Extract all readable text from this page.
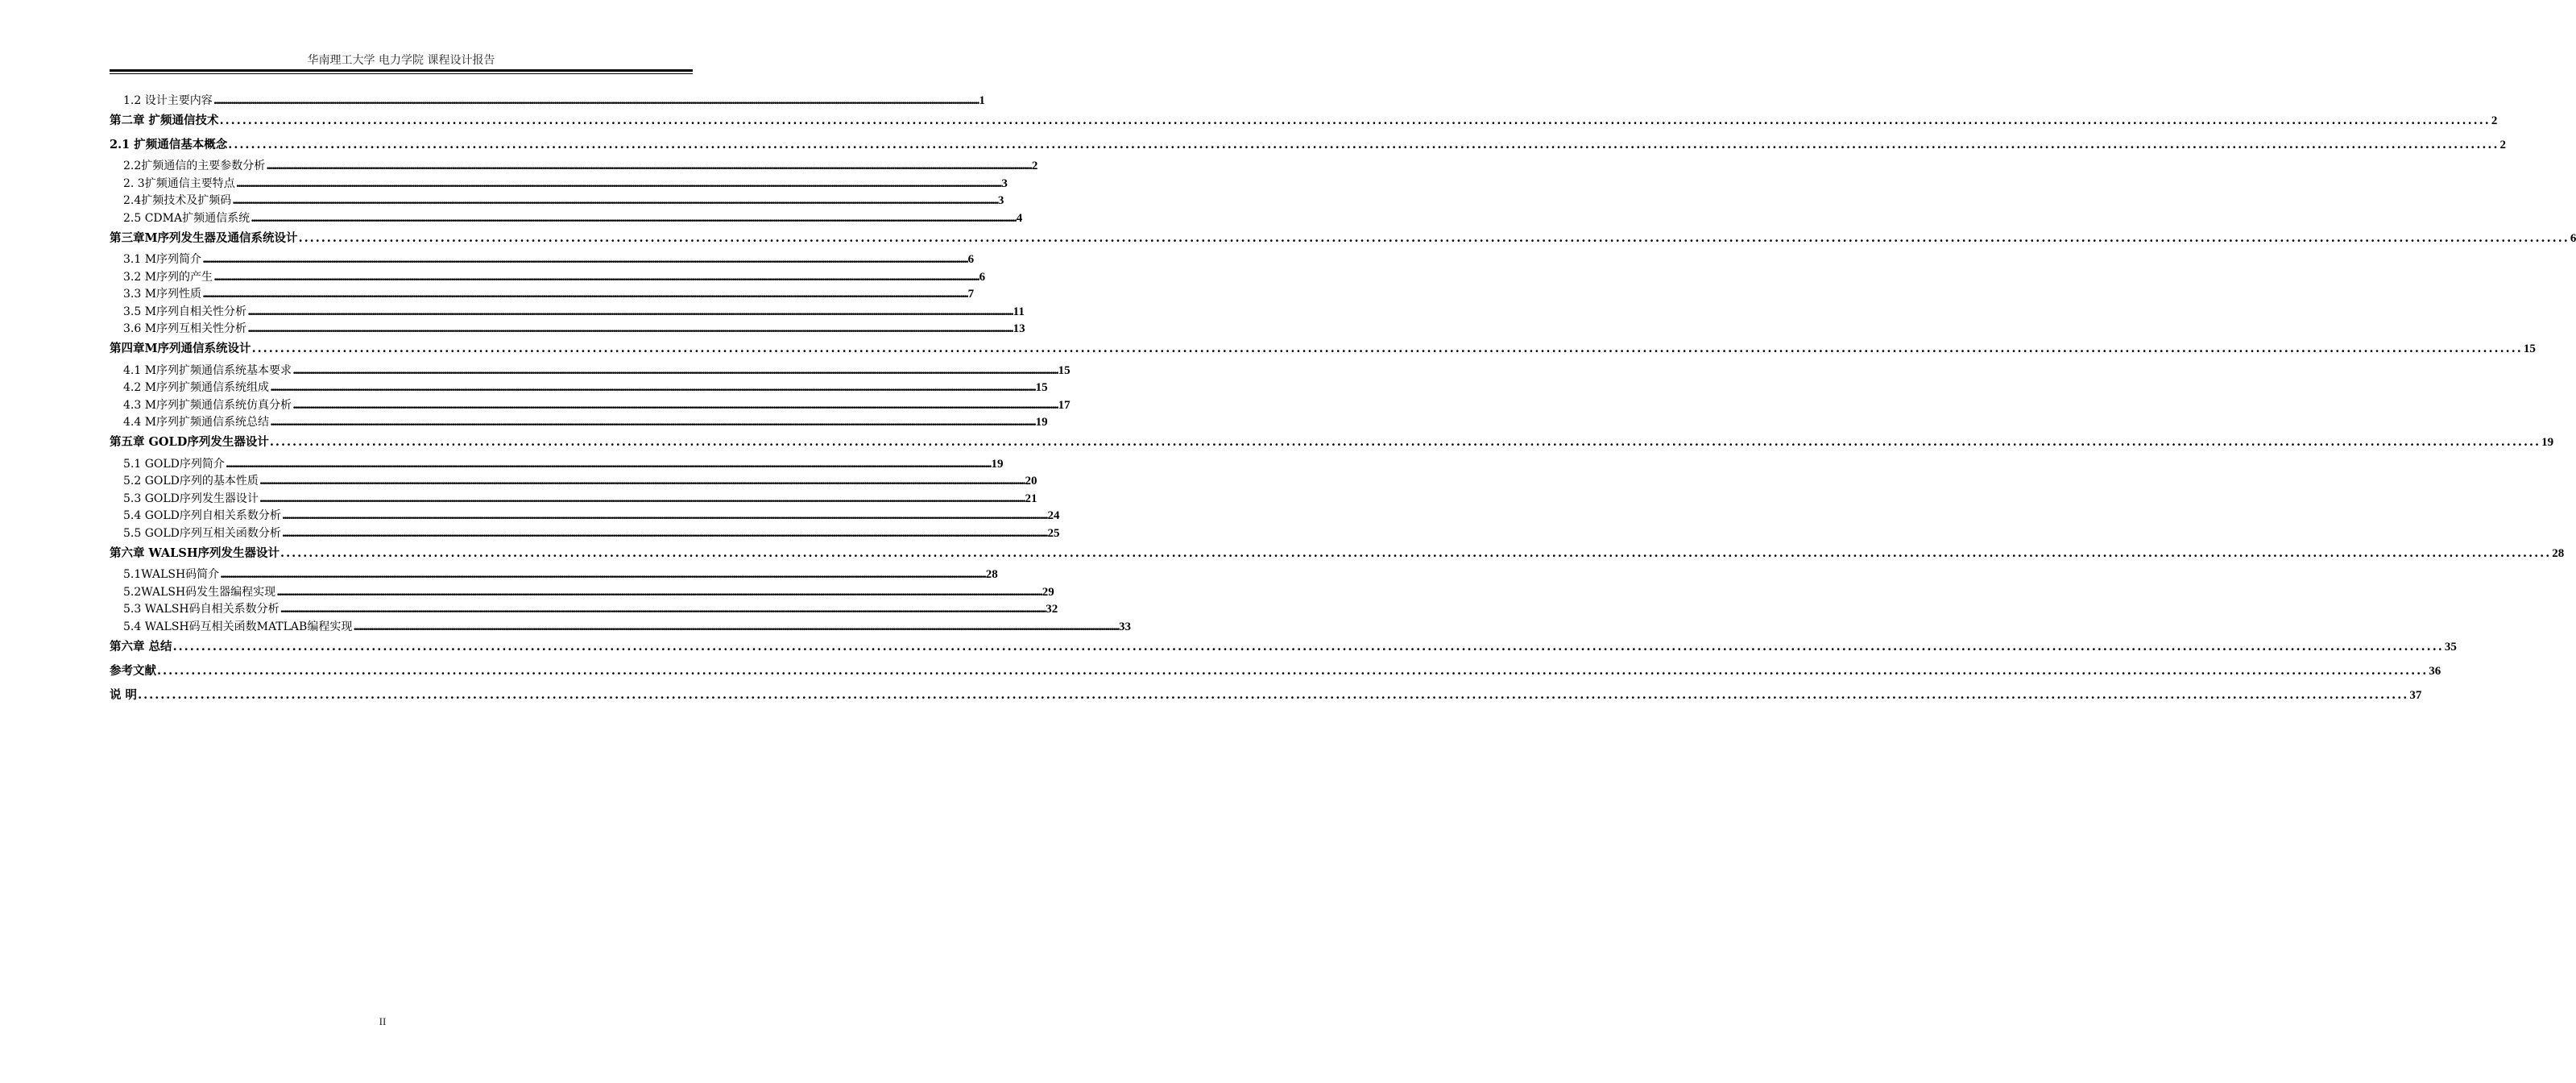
华南理工大学 电力学院 课程设计报告
1.2 设计主要内容 ................................................................................................................................................................................................................................................................................................................................................................................................................ 1
第二章 扩频通信技术 ................................................................................................................................................................................................................................................................................................................................................................................................................ 2
2.1 扩频通信基本概念 ................................................................................................................................................................................................................................................................................................................................................................................................................ 2
2.2扩频通信的主要参数分析 ................................................................................................................................................................................................................................................................................................................................................................................................................ 2
2. 3扩频通信主要特点 ................................................................................................................................................................................................................................................................................................................................................................................................................ 3
2.4扩频技术及扩频码 ................................................................................................................................................................................................................................................................................................................................................................................................................ 3
2.5 CDMA扩频通信系统 ................................................................................................................................................................................................................................................................................................................................................................................................................ 4
第三章M序列发生器及通信系统设计 ................................................................................................................................................................................................................................................................................................................................................................................................................ 6
3.1 M序列简介 ................................................................................................................................................................................................................................................................................................................................................................................................................ 6
3.2 M序列的产生 ................................................................................................................................................................................................................................................................................................................................................................................................................ 6
3.3 M序列性质 ................................................................................................................................................................................................................................................................................................................................................................................................................ 7
3.5 M序列自相关性分析 ................................................................................................................................................................................................................................................................................................................................................................................................................ 11
3.6 M序列互相关性分析 ................................................................................................................................................................................................................................................................................................................................................................................................................ 13
第四章M序列通信系统设计 ................................................................................................................................................................................................................................................................................................................................................................................................................ 15
4.1 M序列扩频通信系统基本要求 ................................................................................................................................................................................................................................................................................................................................................................................................................ 15
4.2 M序列扩频通信系统组成 ................................................................................................................................................................................................................................................................................................................................................................................................................ 15
4.3 M序列扩频通信系统仿真分析 ................................................................................................................................................................................................................................................................................................................................................................................................................ 17
4.4 M序列扩频通信系统总结 ................................................................................................................................................................................................................................................................................................................................................................................................................ 19
第五章 GOLD序列发生器设计 ................................................................................................................................................................................................................................................................................................................................................................................................................ 19
5.1 GOLD序列简介 ................................................................................................................................................................................................................................................................................................................................................................................................................ 19
5.2 GOLD序列的基本性质 ................................................................................................................................................................................................................................................................................................................................................................................................................ 20
5.3 GOLD序列发生器设计 ................................................................................................................................................................................................................................................................................................................................................................................................................ 21
5.4 GOLD序列自相关系数分析 ................................................................................................................................................................................................................................................................................................................................................................................................................ 24
5.5 GOLD序列互相关函数分析 ................................................................................................................................................................................................................................................................................................................................................................................................................ 25
第六章 WALSH序列发生器设计 ................................................................................................................................................................................................................................................................................................................................................................................................................ 28
5.1WALSH码简介 ................................................................................................................................................................................................................................................................................................................................................................................................................ 28
5.2WALSH码发生器编程实现 ................................................................................................................................................................................................................................................................................................................................................................................................................ 29
5.3 WALSH码自相关系数分析 ................................................................................................................................................................................................................................................................................................................................................................................................................ 32
5.4 WALSH码互相关函数MATLAB编程实现 ................................................................................................................................................................................................................................................................................................................................................................................................................ 33
第六章 总结 ................................................................................................................................................................................................................................................................................................................................................................................................................ 35
参考文献 ................................................................................................................................................................................................................................................................................................................................................................................................................ 36
说 明 ................................................................................................................................................................................................................................................................................................................................................................................................................ 37
II
